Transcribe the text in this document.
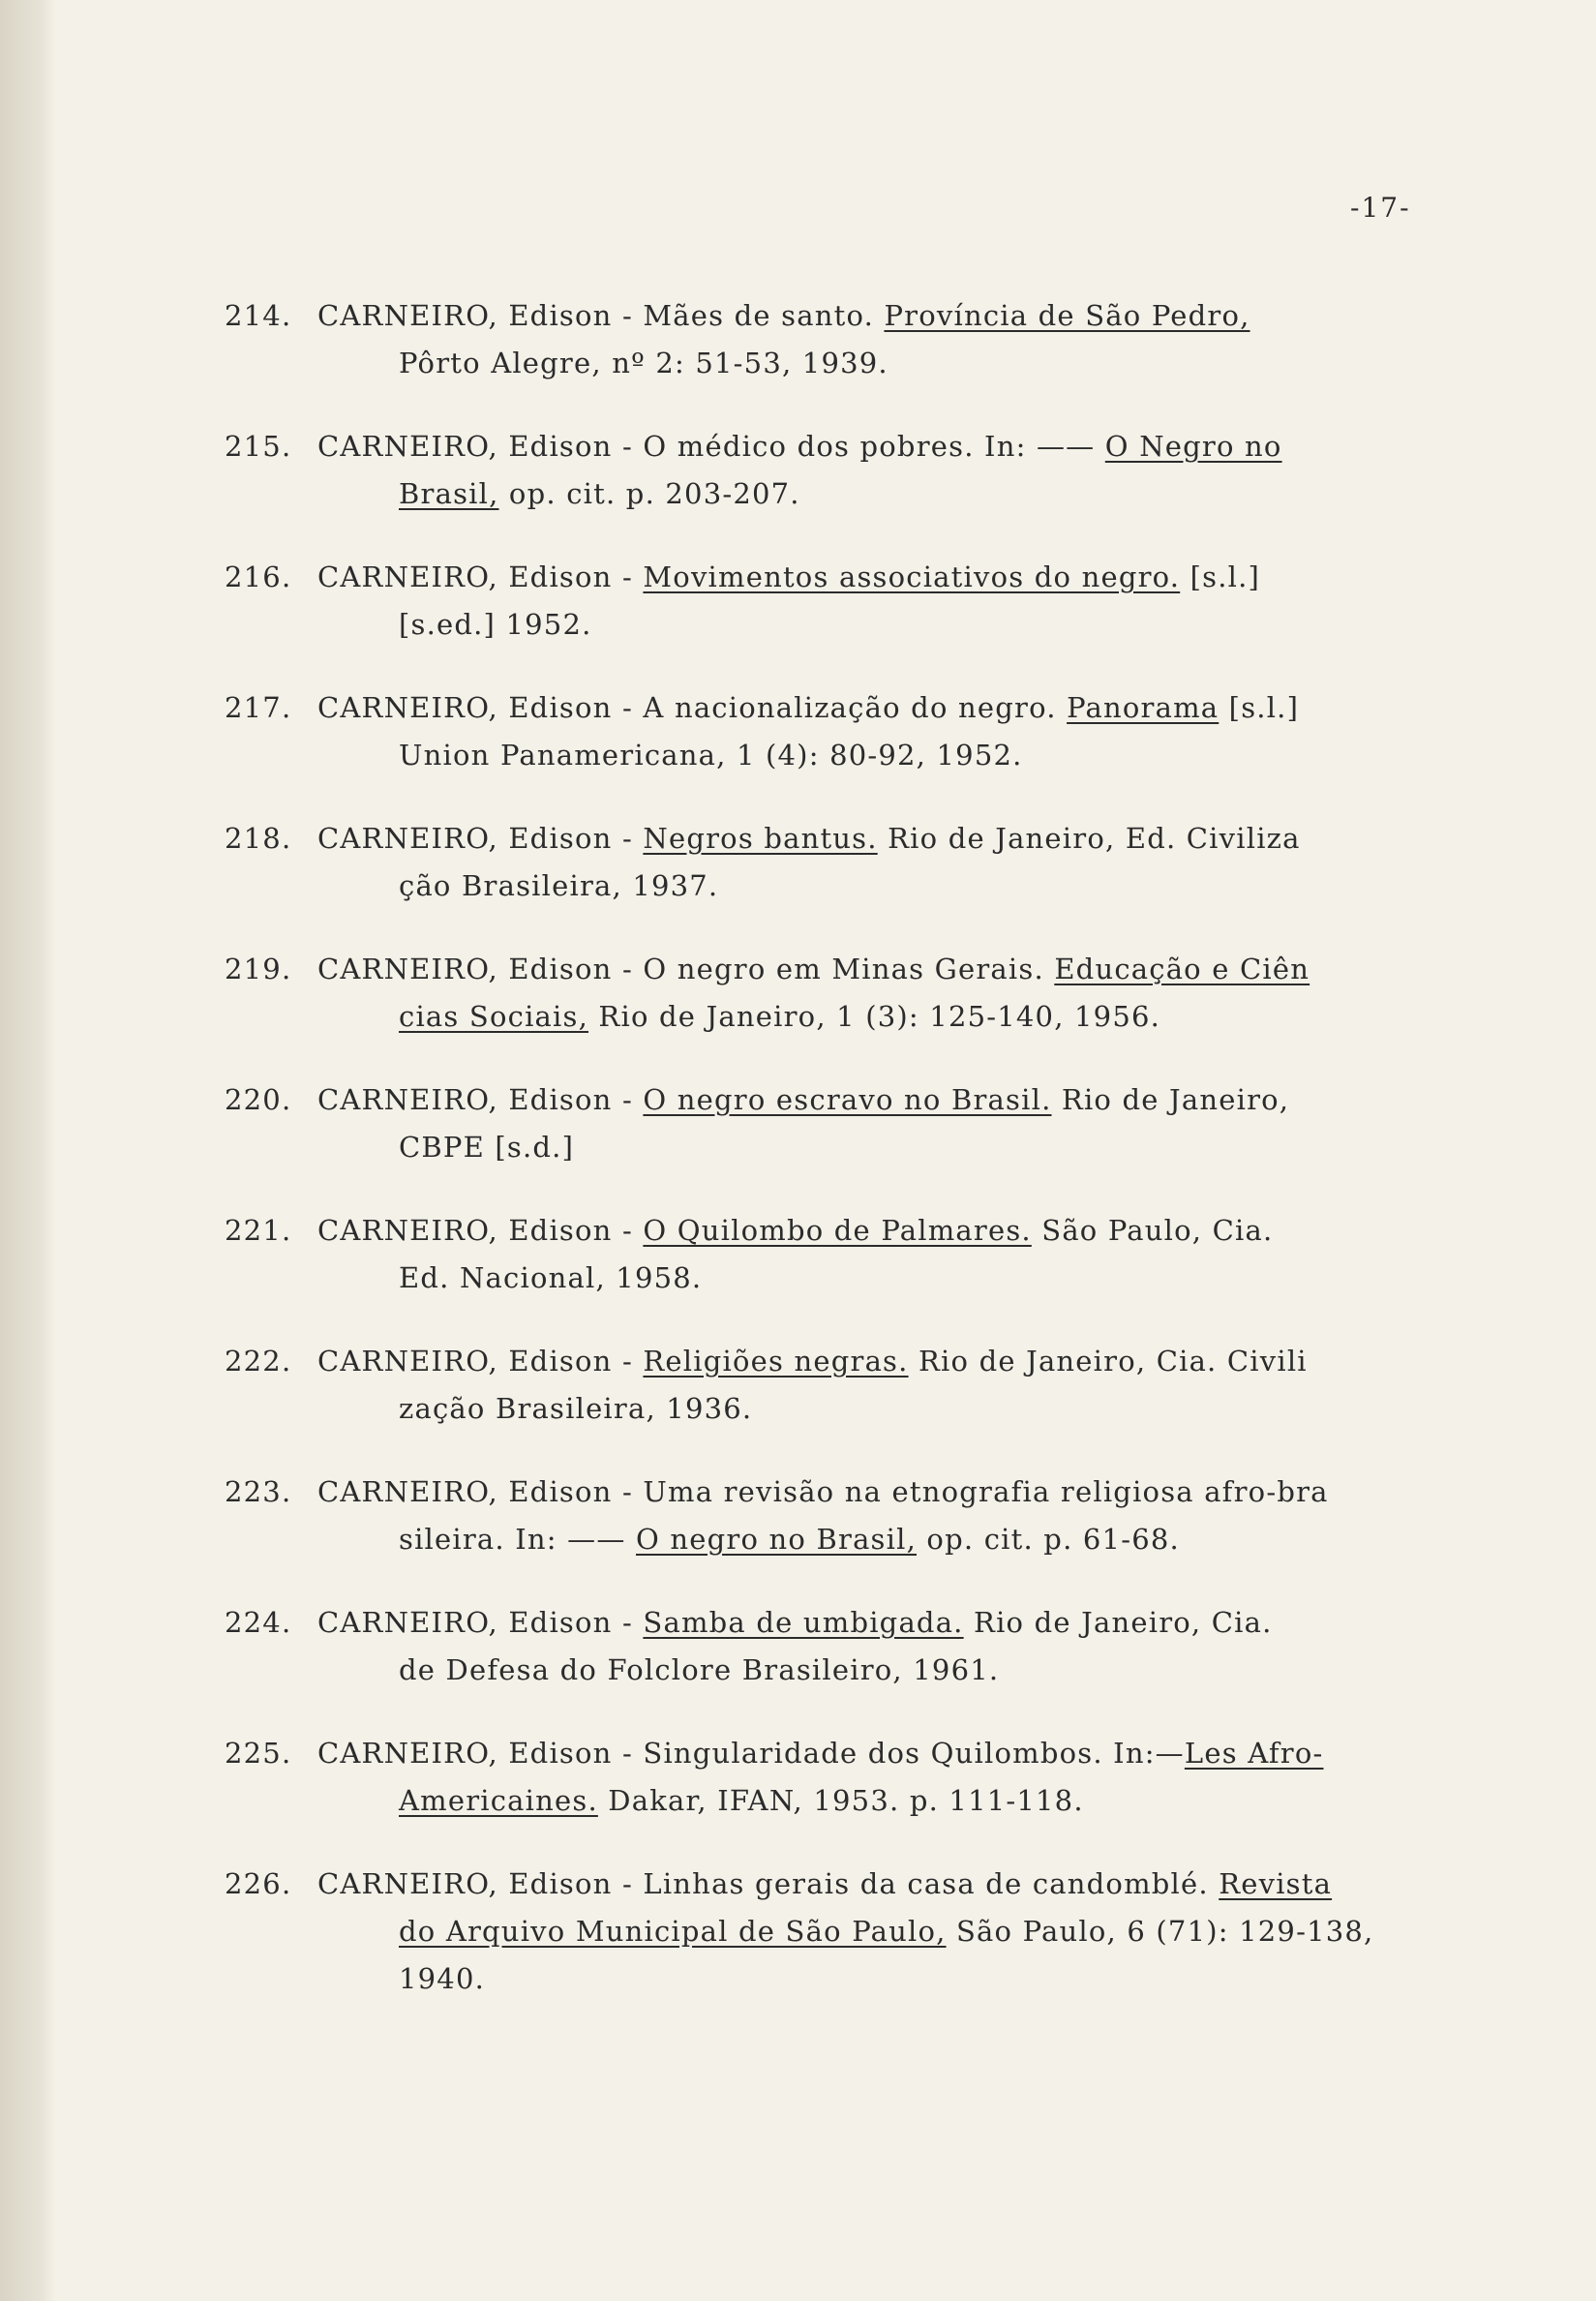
-17-
214. CARNEIRO, Edison - Mães de santo. Província de São Pedro,
Pôrto Alegre, nº 2: 51-53, 1939.
215. CARNEIRO, Edison - O médico dos pobres. In: —— O Negro no
Brasil, op. cit. p. 203-207.
216. CARNEIRO, Edison - Movimentos associativos do negro. [s.l.]
[s.ed.] 1952.
217. CARNEIRO, Edison - A nacionalização do negro. Panorama [s.l.]
Union Panamericana, 1 (4): 80-92, 1952.
218. CARNEIRO, Edison - Negros bantus. Rio de Janeiro, Ed. Civiliza
ção Brasileira, 1937.
219. CARNEIRO, Edison - O negro em Minas Gerais. Educação e Ciên
cias Sociais, Rio de Janeiro, 1 (3): 125-140, 1956.
220. CARNEIRO, Edison - O negro escravo no Brasil. Rio de Janeiro,
CBPE [s.d.]
221. CARNEIRO, Edison - O Quilombo de Palmares. São Paulo, Cia.
Ed. Nacional, 1958.
222. CARNEIRO, Edison - Religiões negras. Rio de Janeiro, Cia. Civili
zação Brasileira, 1936.
223. CARNEIRO, Edison - Uma revisão na etnografia religiosa afro-bra
sileira. In: —— O negro no Brasil, op. cit. p. 61-68.
224. CARNEIRO, Edison - Samba de umbigada. Rio de Janeiro, Cia.
de Defesa do Folclore Brasileiro, 1961.
225. CARNEIRO, Edison - Singularidade dos Quilombos. In:—Les Afro-
Americaines. Dakar, IFAN, 1953. p. 111-118.
226. CARNEIRO, Edison - Linhas gerais da casa de candomblé. Revista
do Arquivo Municipal de São Paulo, São Paulo, 6 (71): 129-138,
1940.
